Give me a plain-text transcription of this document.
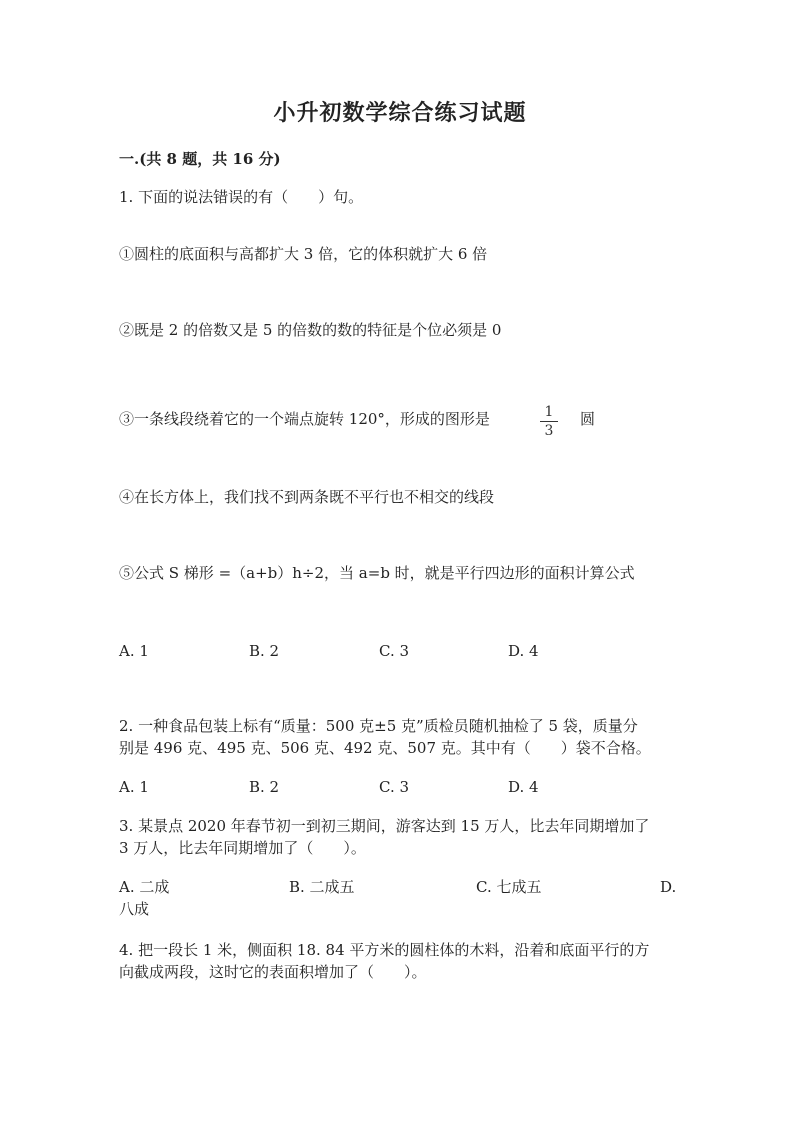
小升初数学综合练习试题
一.(共 8 题，共 16 分)
1. 下面的说法错误的有（　　）句。
①圆柱的底面积与高都扩大 3 倍，它的体积就扩大 6 倍
②既是 2 的倍数又是 5 的倍数的数的特征是个位必须是 0
③一条线段绕着它的一个端点旋转 120°，形成的图形是	1
3
圆
④在长方体上，我们找不到两条既不平行也不相交的线段
⑤公式 S 梯形 =（a+b）h÷2，当 a=b 时，就是平行四边形的面积计算公式
A. 1	B. 2	C. 3	D. 4
2. 一种食品包装上标有“质量：500 克±5 克”质检员随机抽检了 5 袋，质量分
别是 496 克、495 克、506 克、492 克、507 克。其中有（　　）袋不合格。
A. 1	B. 2	C. 3	D. 4
3. 某景点 2020 年春节初一到初三期间，游客达到 15 万人，比去年同期增加了
3 万人，比去年同期增加了（　　）。
A. 二成	B. 二成五	C. 七成五	D.
八成
4. 把一段长 1 米，侧面积 18. 84 平方米的圆柱体的木料，沿着和底面平行的方
向截成两段，这时它的表面积增加了（　　）。
